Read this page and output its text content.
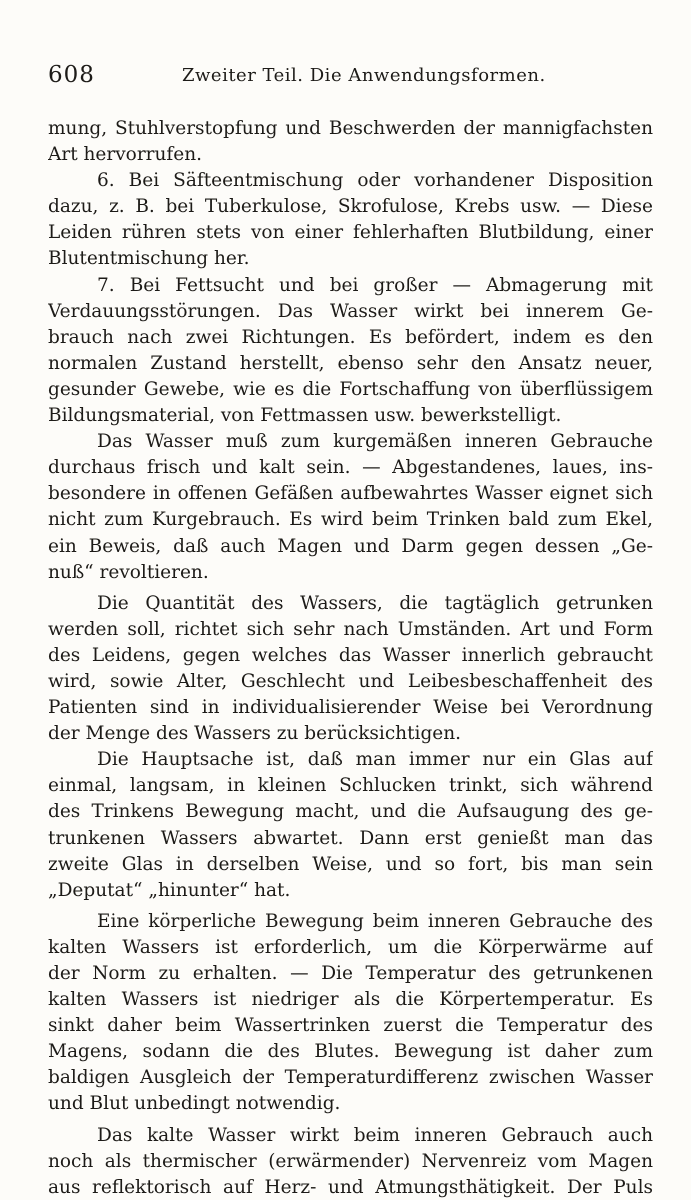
608	Zweiter Teil. Die Anwendungsformen.
mung, Stuhlverstopfung und Beschwerden der mannigfachsten
Art hervorrufen.
6. Bei Säfteentmischung oder vorhandener Disposition
dazu, z. B. bei Tuberkulose, Skrofulose, Krebs usw. — Diese
Leiden rühren stets von einer fehlerhaften Blutbildung, einer
Blutentmischung her.
7. Bei Fettsucht und bei großer — Abmagerung mit
Verdauungsstörungen. Das Wasser wirkt bei innerem Ge-
brauch nach zwei Richtungen. Es befördert, indem es den
normalen Zustand herstellt, ebenso sehr den Ansatz neuer,
gesunder Gewebe, wie es die Fortschaffung von überflüssigem
Bildungsmaterial, von Fettmassen usw. bewerkstelligt.
Das Wasser muß zum kurgemäßen inneren Gebrauche
durchaus frisch und kalt sein. — Abgestandenes, laues, ins-
besondere in offenen Gefäßen aufbewahrtes Wasser eignet sich
nicht zum Kurgebrauch. Es wird beim Trinken bald zum Ekel,
ein Beweis, daß auch Magen und Darm gegen dessen „Ge-
nuß“ revoltieren.
Die Quantität des Wassers, die tagtäglich getrunken
werden soll, richtet sich sehr nach Umständen. Art und Form
des Leidens, gegen welches das Wasser innerlich gebraucht
wird, sowie Alter, Geschlecht und Leibesbeschaffenheit des
Patienten sind in individualisierender Weise bei Verordnung
der Menge des Wassers zu berücksichtigen.
Die Hauptsache ist, daß man immer nur ein Glas auf
einmal, langsam, in kleinen Schlucken trinkt, sich während
des Trinkens Bewegung macht, und die Aufsaugung des ge-
trunkenen Wassers abwartet. Dann erst genießt man das
zweite Glas in derselben Weise, und so fort, bis man sein
„Deputat“ „hinunter“ hat.
Eine körperliche Bewegung beim inneren Gebrauche des
kalten Wassers ist erforderlich, um die Körperwärme auf
der Norm zu erhalten. — Die Temperatur des getrunkenen
kalten Wassers ist niedriger als die Körpertemperatur. Es
sinkt daher beim Wassertrinken zuerst die Temperatur des
Magens, sodann die des Blutes. Bewegung ist daher zum
baldigen Ausgleich der Temperaturdifferenz zwischen Wasser
und Blut unbedingt notwendig.
Das kalte Wasser wirkt beim inneren Gebrauch auch
noch als thermischer (erwärmender) Nervenreiz vom Magen
aus reflektorisch auf Herz- und Atmungsthätigkeit. Der Puls
